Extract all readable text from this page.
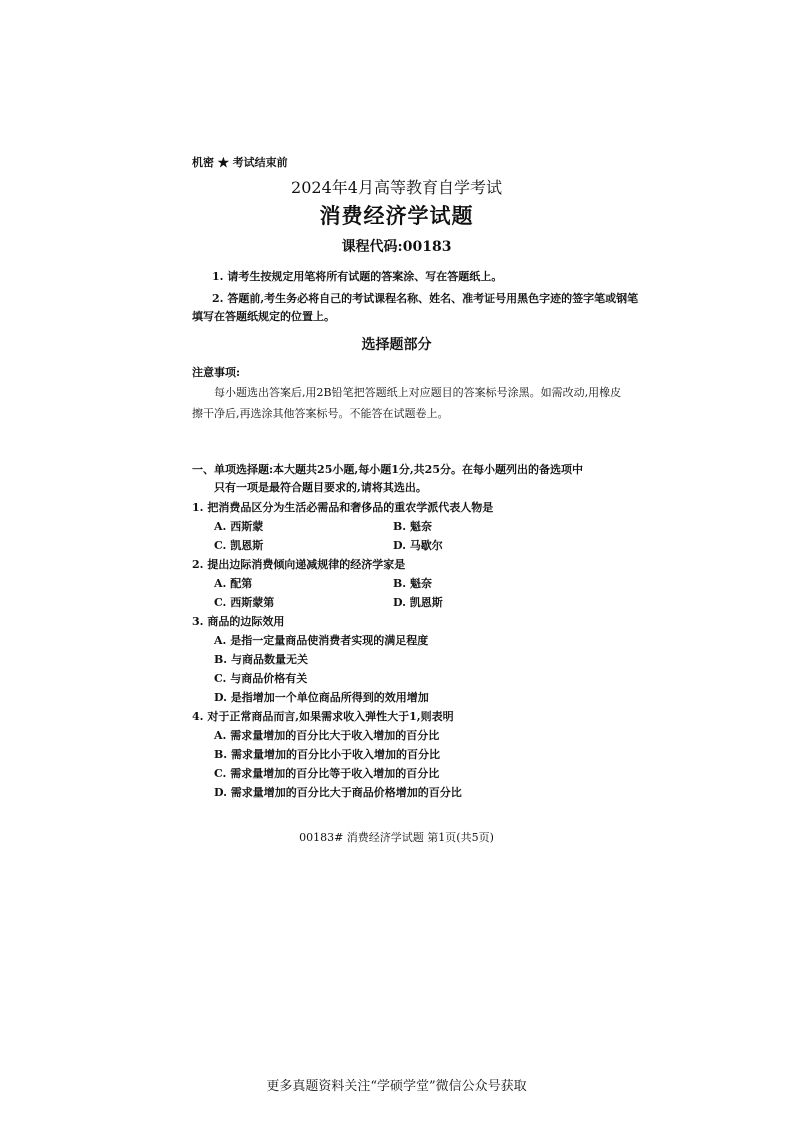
机密 ★ 考试结束前
2024年4月高等教育自学考试
消费经济学试题
课程代码:00183
1. 请考生按规定用笔将所有试题的答案涂、写在答题纸上。
2. 答题前,考生务必将自己的考试课程名称、姓名、准考证号用黑色字迹的签字笔或钢笔
填写在答题纸规定的位置上。
选择题部分
注意事项:
每小题选出答案后,用2B铅笔把答题纸上对应题目的答案标号涂黑。如需改动,用橡皮
擦干净后,再选涂其他答案标号。不能答在试题卷上。
一、单项选择题:本大题共25小题,每小题1分,共25分。在每小题列出的备选项中
只有一项是最符合题目要求的,请将其选出。
1. 把消费品区分为生活必需品和奢侈品的重农学派代表人物是
A. 西斯蒙	B. 魁奈
C. 凯恩斯	D. 马歇尔
2. 提出边际消费倾向递减规律的经济学家是
A. 配第	B. 魁奈
C. 西斯蒙第	D. 凯恩斯
3. 商品的边际效用
A. 是指一定量商品使消费者实现的满足程度
B. 与商品数量无关
C. 与商品价格有关
D. 是指增加一个单位商品所得到的效用增加
4. 对于正常商品而言,如果需求收入弹性大于1,则表明
A. 需求量增加的百分比大于收入增加的百分比
B. 需求量增加的百分比小于收入增加的百分比
C. 需求量增加的百分比等于收入增加的百分比
D. 需求量增加的百分比大于商品价格增加的百分比
00183# 消费经济学试题 第1页(共5页)
更多真题资料关注“学硕学堂”微信公众号获取
